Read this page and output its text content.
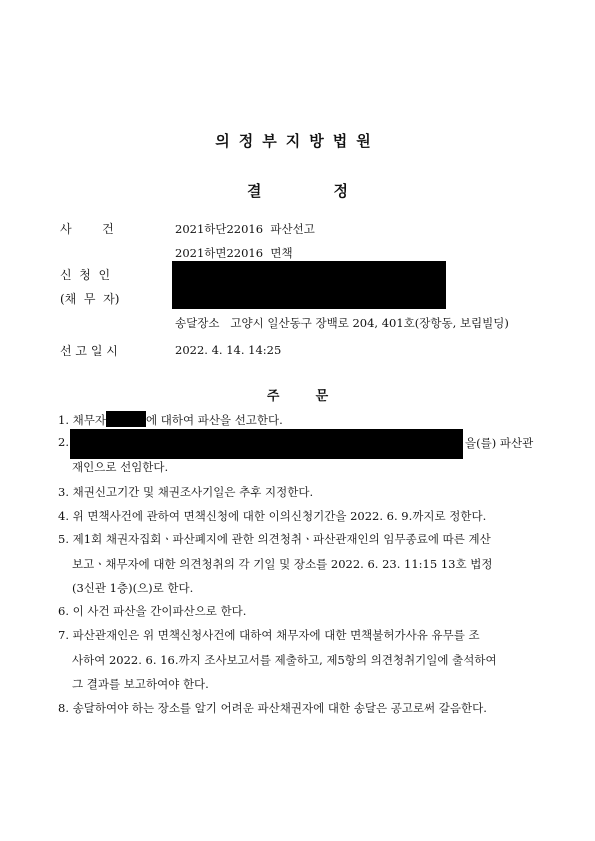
의정부지방법원
결	정
사        건	2021하단22016  파산선고
2021하면22016  면책
신  청  인
(채  무  자)
송달장소   고양시 일산동구 장백로 204, 401호(장항동, 보림빌딩)
선 고 일 시	2022. 4. 14. 14:25
주        문
1. 채무자	에 대하여 파산을 선고한다.
2.	을(를) 파산관
재인으로 선임한다.
3. 채권신고기간 및 채권조사기일은 추후 지정한다.
4. 위 면책사건에 관하여 면책신청에 대한 이의신청기간을 2022. 6. 9.까지로 정한다.
5. 제1회 채권자집회ㆍ파산폐지에 관한 의견청취ㆍ파산관재인의 임무종료에 따른 계산
보고ㆍ채무자에 대한 의견청취의 각 기일 및 장소를 2022. 6. 23. 11:15 13호 법정
(3신관 1층)(으)로 한다.
6. 이 사건 파산을 간이파산으로 한다.
7. 파산관재인은 위 면책신청사건에 대하여 채무자에 대한 면책불허가사유 유무를 조
사하여 2022. 6. 16.까지 조사보고서를 제출하고, 제5항의 의견청취기일에 출석하여
그 결과를 보고하여야 한다.
8. 송달하여야 하는 장소를 알기 어려운 파산채권자에 대한 송달은 공고로써 갈음한다.
